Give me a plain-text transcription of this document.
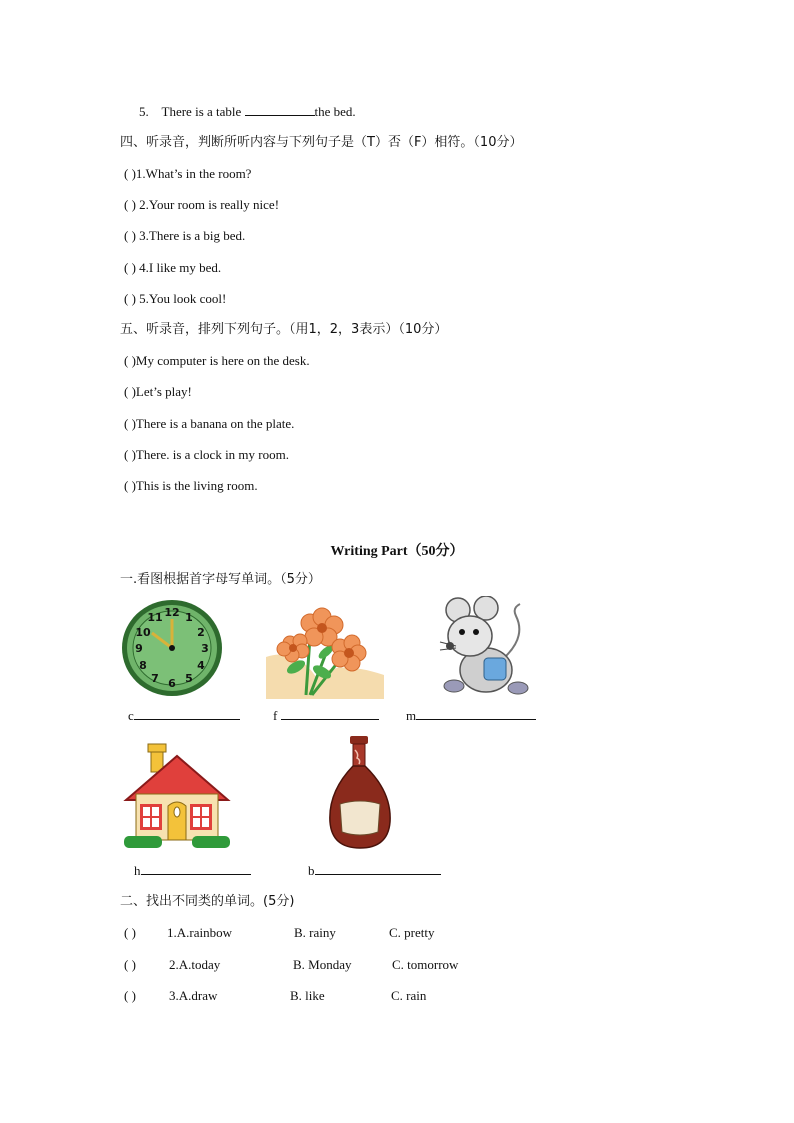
5. There is a table	the bed.
四、听录音，判断所听内容与下列句子是（T）否（F）相符。（10分）
( )1.What’s in the room?
( ) 2.Your room is really nice!
( ) 3.There is a big bed.
( ) 4.I like my bed.
( ) 5.You look cool!
五、听录音，排列下列句子。（用1，2，3表示）（10分）
( )My computer is here on the desk.
( )Let’s play!
( )There is a banana on the plate.
( )There. is a clock in my room.
( )This is the living room.
Writing Part（50分）
一.看图根据首字母写单词。（5分）
12 1
2
3
4
5
6
7
8
9
10
11
c	f	m
h	b
二、找出不同类的单词。(5分)
( ) 1.A.rainbow	B. rainy	C. pretty
( )	2.A.today	B. Monday	C. tomorrow
( )	3.A.draw	B. like	C. rain
